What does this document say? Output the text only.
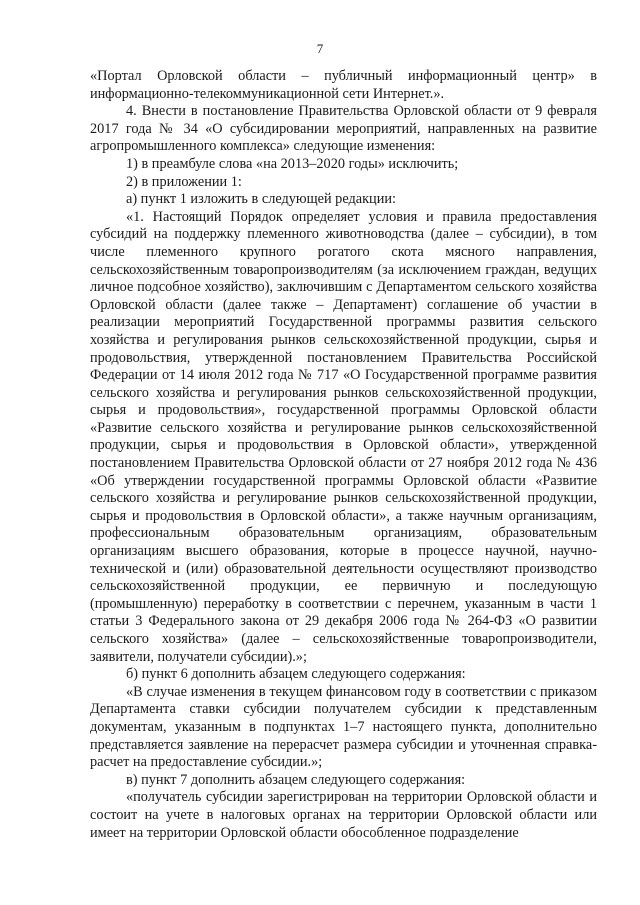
7

«Портал Орловской области – публичный информационный центр» в информационно-телекоммуникационной сети Интернет.».

4. Внести в постановление Правительства Орловской области от 9 февраля 2017 года № 34 «О субсидировании мероприятий, направленных на развитие агропромышленного комплекса» следующие изменения:

1) в преамбуле слова «на 2013–2020 годы» исключить;

2) в приложении 1:

а) пункт 1 изложить в следующей редакции:

«1. Настоящий Порядок определяет условия и правила предоставления субсидий на поддержку племенного животноводства (далее – субсидии), в том числе племенного крупного рогатого скота мясного направления, сельскохозяйственным товаропроизводителям (за исключением граждан, ведущих личное подсобное хозяйство), заключившим с Департаментом сельского хозяйства Орловской области (далее также – Департамент) соглашение об участии в реализации мероприятий Государственной программы развития сельского хозяйства и регулирования рынков сельскохозяйственной продукции, сырья и продовольствия, утвержденной постановлением Правительства Российской Федерации от 14 июля 2012 года № 717 «О Государственной программе развития сельского хозяйства и регулирования рынков сельскохозяйственной продукции, сырья и продовольствия», государственной программы Орловской области «Развитие сельского хозяйства и регулирование рынков сельскохозяйственной продукции, сырья и продовольствия в Орловской области», утвержденной постановлением Правительства Орловской области от 27 ноября 2012 года № 436 «Об утверждении государственной программы Орловской области «Развитие сельского хозяйства и регулирование рынков сельскохозяйственной продукции, сырья и продовольствия в Орловской области», а также научным организациям, профессиональным образовательным организациям, образовательным организациям высшего образования, которые в процессе научной, научно-технической и (или) образовательной деятельности осуществляют производство сельскохозяйственной продукции, ее первичную и последующую (промышленную) переработку в соответствии с перечнем, указанным в части 1 статьи 3 Федерального закона от 29 декабря 2006 года № 264-ФЗ «О развитии сельского хозяйства» (далее – сельскохозяйственные товаропроизводители, заявители, получатели субсидии).»;

б) пункт 6 дополнить абзацем следующего содержания:

«В случае изменения в текущем финансовом году в соответствии с приказом Департамента ставки субсидии получателем субсидии к представленным документам, указанным в подпунктах 1–7 настоящего пункта, дополнительно представляется заявление на перерасчет размера субсидии и уточненная справка-расчет на предоставление субсидии.»;

в) пункт 7 дополнить абзацем следующего содержания:

«получатель субсидии зарегистрирован на территории Орловской области и состоит на учете в налоговых органах на территории Орловской области или имеет на территории Орловской области обособленное подразделение
